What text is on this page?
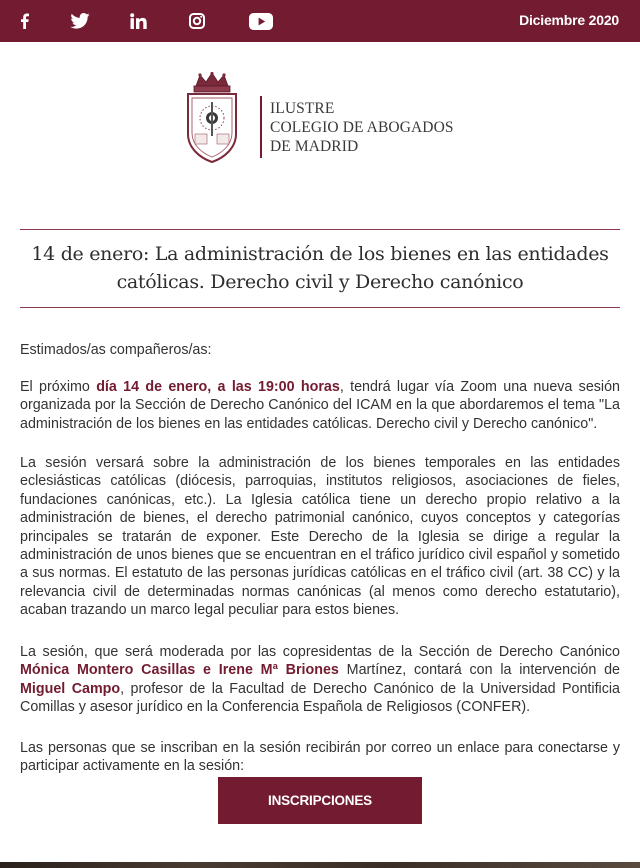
Diciembre 2020
ILUSTRE
COLEGIO DE ABOGADOS
DE MADRID
14 de enero: La administración de los bienes en las entidades
católicas. Derecho civil y Derecho canónico

Estimados/as compañeros/as:

El próximo día 14 de enero, a las 19:00 horas, tendrá lugar vía Zoom una nueva sesión organizada por la Sección de Derecho Canónico del ICAM en la que abordaremos el tema "La administración de los bienes en las entidades católicas. Derecho civil y Derecho canónico".

La sesión versará sobre la administración de los bienes temporales en las entidades eclesiásticas católicas (diócesis, parroquias, institutos religiosos, asociaciones de fieles, fundaciones canónicas, etc.). La Iglesia católica tiene un derecho propio relativo a la administración de bienes, el derecho patrimonial canónico, cuyos conceptos y categorías principales se tratarán de exponer. Este Derecho de la Iglesia se dirige a regular la administración de unos bienes que se encuentran en el tráfico jurídico civil español y sometido a sus normas. El estatuto de las personas jurídicas católicas en el tráfico civil (art. 38 CC) y la relevancia civil de determinadas normas canónicas (al menos como derecho estatutario), acaban trazando un marco legal peculiar para estos bienes.

La sesión, que será moderada por las copresidentas de la Sección de Derecho Canónico Mónica Montero Casillas e Irene Mª Briones Martínez, contará con la intervención de Miguel Campo, profesor de la Facultad de Derecho Canónico de la Universidad Pontificia Comillas y asesor jurídico en la Conferencia Española de Religiosos (CONFER).

Las personas que se inscriban en la sesión recibirán por correo un enlace para conectarse y participar activamente en la sesión:

INSCRIPCIONES
